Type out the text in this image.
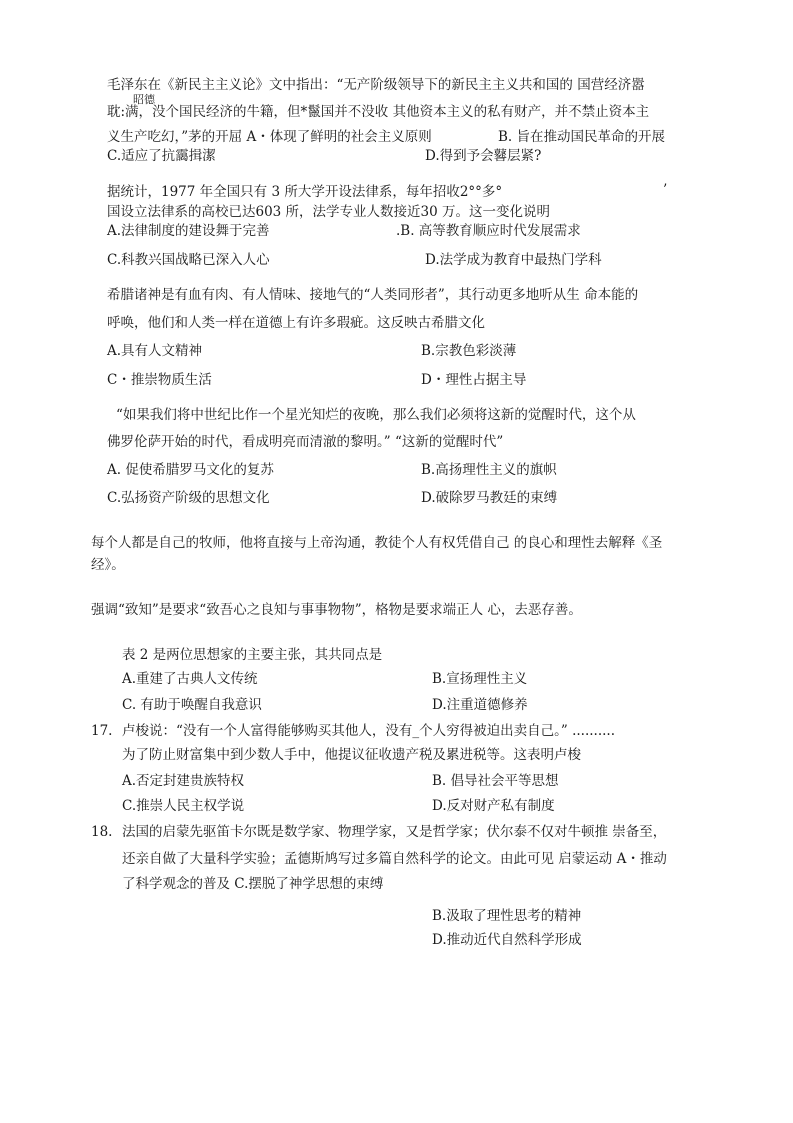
毛泽东在《新民主主义论》文中指出：“无产阶级领导下的新民主主义共和国的 国营经济嚣
昭德
耽:满，没个国民经济的牛籍，但*鬣国并不没收 其他资本主义的私有财产，并不禁止资本主
义生产吃幻，”茅的开屈 A・体现了鲜明的社会主义原则	B. 旨在推动国民革命的开展
C.适应了抗靄揖潔	D.得到予会鼛层紧?
据统计，1977 年全国只有 3 所大学开设法律系，每年招收2°°多°	’
国设立法律系的高校已达603 所，法学专业人数接近30 万。这一变化说明
A.法律制度的建设舞于完善	.B. 高等教育顺应时代发展需求
C.科教兴国战略已深入人心	D.法学成为教育中最热门学科
希腊诸神是有血有肉、有人情味、接地气的“人类同形者”，其行动更多地听从生 命本能的
呼唤，他们和人类一样在道德上有许多瑕疵。这反映古希腊文化
A.具有人文精神	B.宗教色彩淡薄
C・推崇物质生活	D・理性占据主导
“如果我们将中世纪比作一个星光知烂的夜晚，那么我们必须将这新的觉醒时代，这个从
佛罗伦萨开始的时代，看成明亮而清澈的黎明。” “这新的觉醒时代”
A. 促使希腊罗马文化的复苏	B.高扬理性主义的旗帜
C.弘扬资产阶级的思想文化	D.破除罗马教廷的束缚
每个人都是自己的牧师，他将直接与上帝沟通，教徒个人有权凭借自己 的良心和理性去解释《圣
经》。
强调“致知”是要求“致吾心之良知与事事物物”，格物是要求端正人 心，去恶存善。
表 2 是两位思想家的主要主张，其共同点是
A.重建了古典人文传统	B.宣扬理性主义
C. 有助于唤醒自我意识	D.注重道德修养
17. 卢梭说：“没有一个人富得能够购买其他人，没有_个人穷得被迫出卖自己。” ..........
为了防止财富集中到少数人手中，他提议征收遗产税及累进税等。这表明卢梭
A.否定封建贵族特权	B. 倡导社会平等思想
C.推崇人民主权学说	D.反对财产私有制度
18. 法国的启蒙先驱笛卡尔既是数学家、物理学家，又是哲学家；伏尔泰不仅对牛顿推 崇备至，
还亲自做了大量科学实验；孟德斯鸠写过多篇自然科学的论文。由此可见 启蒙运动 A・推动
了科学观念的普及 C.摆脱了神学思想的束缚
B.汲取了理性思考的精神
D.推动近代自然科学形成
